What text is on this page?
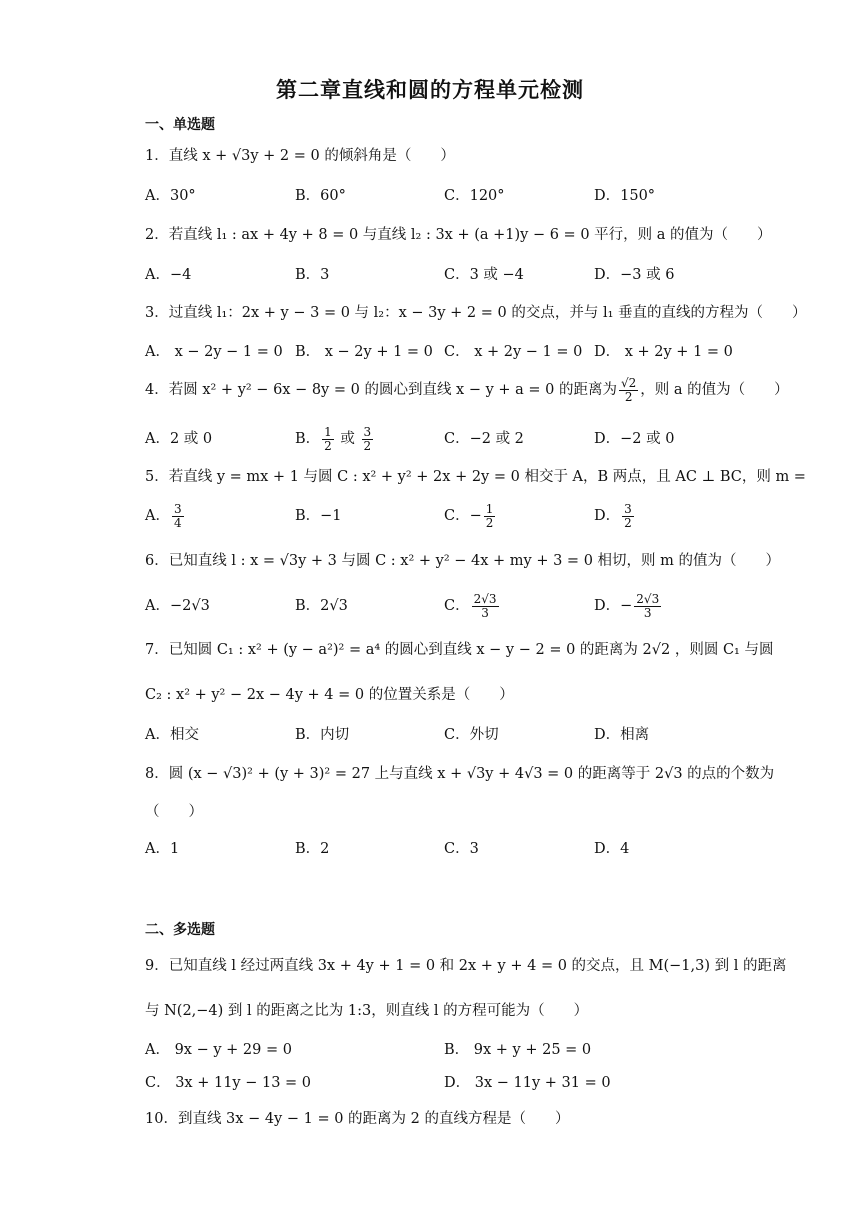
第二章直线和圆的方程单元检测
一、单选题
1．直线 x + √3y + 2 = 0 的倾斜角是（　　）
A．30°	B．60°	C．120°	D．150°
2．若直线 l₁ : ax + 4y + 8 = 0 与直线 l₂ : 3x + (a +1)y − 6 = 0 平行，则 a 的值为（　　）
A．−4	B．3	C．3 或 −4	D．−3 或 6
3．过直线 l₁：2x + y − 3 = 0 与 l₂：x − 3y + 2 = 0 的交点，并与 l₁ 垂直的直线的方程为（　　）
A． x − 2y − 1 = 0 B． x − 2y + 1 = 0 C． x + 2y − 1 = 0 D． x + 2y + 1 = 0
4．若圆 x² + y² − 6x − 8y = 0 的圆心到直线 x − y + a = 0 的距离为 $\frac{√2}{2}$ ，则 a 的值为（　　）
A．2 或 0	B． $\frac{1}{2}$ 或 $\frac{3}{2}$	C．−2 或 2	D．−2 或 0
5．若直线 y = mx + 1 与圆 C : x² + y² + 2x + 2y = 0 相交于 A，B 两点，且 AC ⊥ BC，则 m =
A． $\frac{3}{4}$	B．−1	C．− $\frac{1}{2}$	D． $\frac{3}{2}$
6．已知直线 l : x = √3y + 3 与圆 C : x² + y² − 4x + my + 3 = 0 相切，则 m 的值为（　　）
A．−2√3	B．2√3	C． $\frac{2√3}{3}$	D．− $\frac{2√3}{3}$
7．已知圆 C₁ : x² + (y − a²)² = a⁴ 的圆心到直线 x − y − 2 = 0 的距离为 2√2 ，则圆 C₁ 与圆
C₂ : x² + y² − 2x − 4y + 4 = 0 的位置关系是（　　）
A．相交	B．内切	C．外切	D．相离
8．圆 (x − √3)² + (y + 3)² = 27 上与直线 x + √3y + 4√3 = 0 的距离等于 2√3 的点的个数为
（　　）
A．1	B．2	C．3	D．4
二、多选题
9．已知直线 l 经过两直线 3x + 4y + 1 = 0 和 2x + y + 4 = 0 的交点，且 M(−1,3) 到 l 的距离
与 N(2,−4) 到 l 的距离之比为 1:3，则直线 l 的方程可能为（　　）
A． 9x − y + 29 = 0	B． 9x + y + 25 = 0
C． 3x + 11y − 13 = 0	D． 3x − 11y + 31 = 0
10．到直线 3x − 4y − 1 = 0 的距离为 2 的直线方程是（　　）
